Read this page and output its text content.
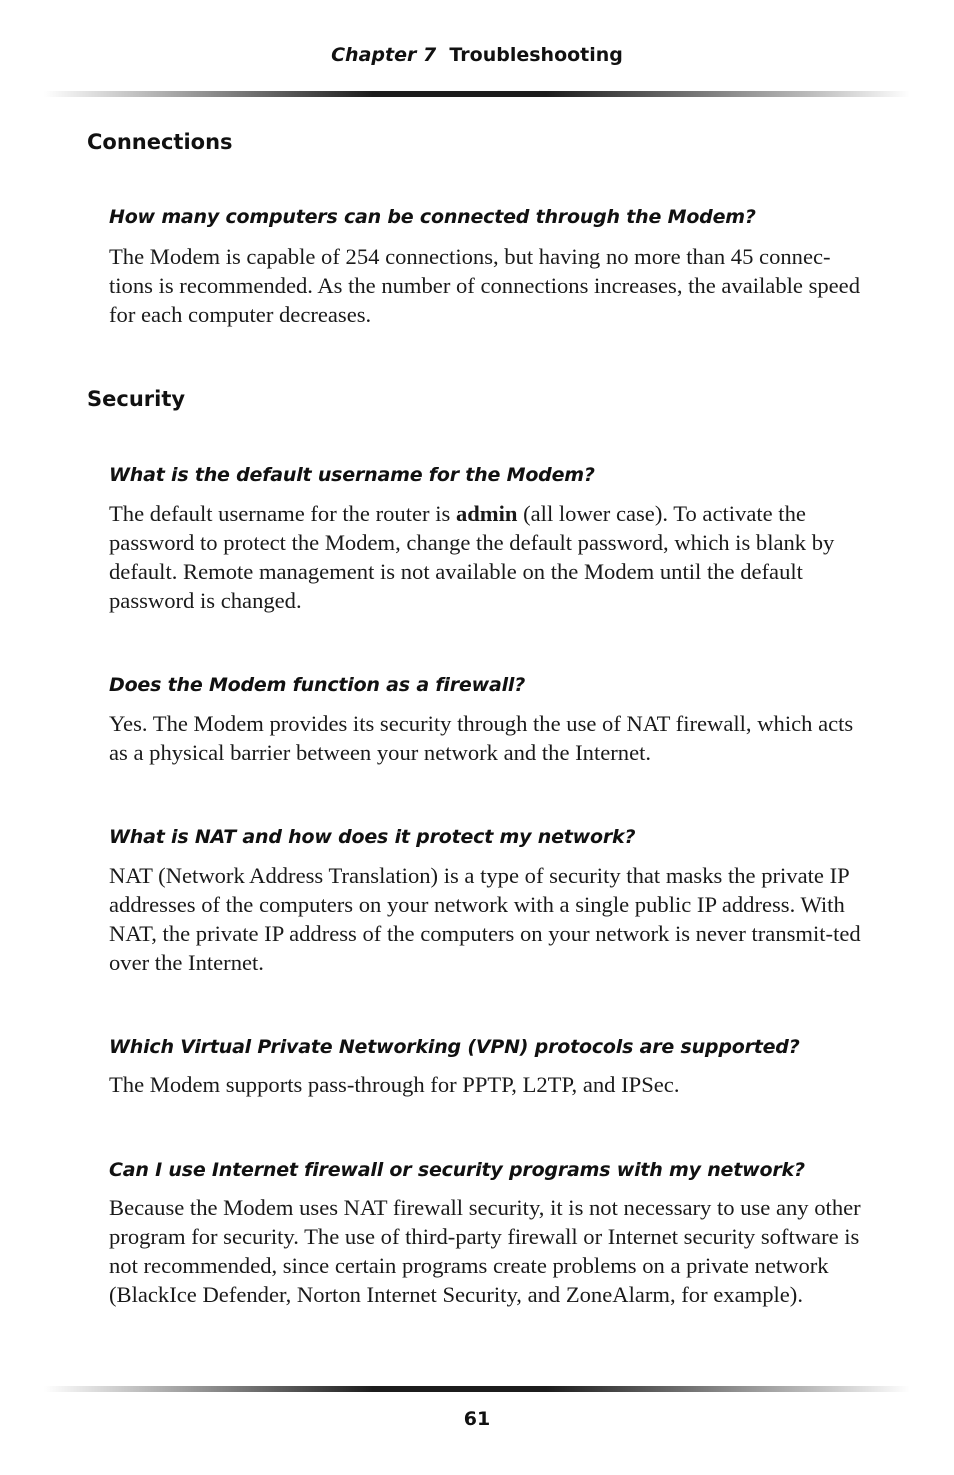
Chapter 7 Troubleshooting
Connections
How many computers can be connected through the Modem?

The Modem is capable of 254 connections, but having no more than 45 connec-tions is recommended. As the number of connections increases, the available speed for each computer decreases.

Security
What is the default username for the Modem?

The default username for the router is admin (all lower case). To activate the password to protect the Modem, change the default password, which is blank by default. Remote management is not available on the Modem until the default password is changed.

Does the Modem function as a firewall?

Yes. The Modem provides its security through the use of NAT firewall, which acts as a physical barrier between your network and the Internet.

What is NAT and how does it protect my network?

NAT (Network Address Translation) is a type of security that masks the private IP addresses of the computers on your network with a single public IP address. With NAT, the private IP address of the computers on your network is never transmit-ted over the Internet.

Which Virtual Private Networking (VPN) protocols are supported?

The Modem supports pass-through for PPTP, L2TP, and IPSec.

Can I use Internet firewall or security programs with my network?

Because the Modem uses NAT firewall security, it is not necessary to use any other program for security. The use of third-party firewall or Internet security software is not recommended, since certain programs create problems on a private network (BlackIce Defender, Norton Internet Security, and ZoneAlarm, for example).

61
